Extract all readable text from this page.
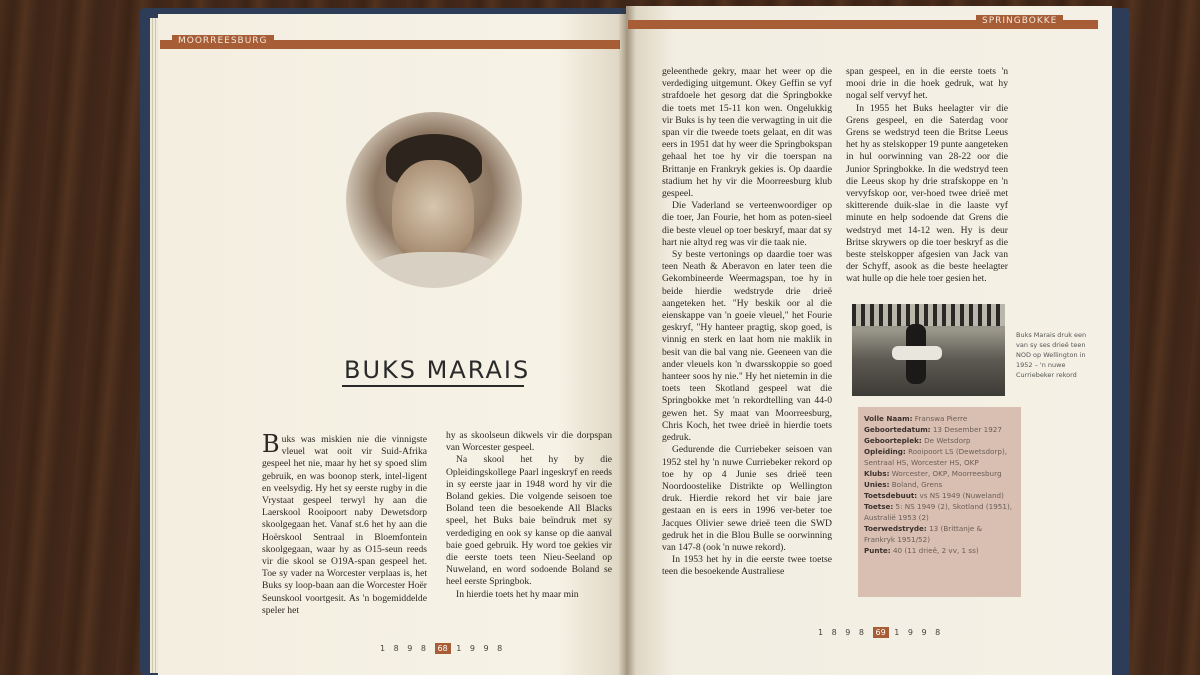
MOORREESBURG
BUKS MARAIS

Buks was miskien nie die vinnigste vleuel wat ooit vir Suid-Afrika gespeel het nie, maar hy het sy spoed slim gebruik, en was boonop sterk, intel-ligent en veelsydig. Hy het sy eerste rugby in die Vrystaat gespeel terwyl hy aan die Laerskool Rooipoort naby Dewetsdorp skoolgegaan het. Vanaf st.6 het hy aan die Hoërskool Sentraal in Bloemfontein skoolgegaan, waar hy as O15-seun reeds vir die skool se O19A-span gespeel het. Toe sy vader na Worcester verplaas is, het Buks sy loop-baan aan die Worcester Hoër Seunskool voortgesit. As 'n bogemiddelde speler het

hy as skoolseun dikwels vir die dorpspan van Worcester gespeel.

Na skool het hy by die Opleidingskollege Paarl ingeskryf en reeds in sy eerste jaar in 1948 word hy vir die Boland gekies. Die volgende seisoen toe Boland teen die besoekende All Blacks speel, het Buks baie beïndruk met sy verdediging en ook sy kanse op die aanval baie goed gebruik. Hy word toe gekies vir die eerste toets teen Nieu-Seeland op Nuweland, en word sodoende Boland se heel eerste Springbok.

In hierdie toets het hy maar min

1 8 9 8 68 1 9 9 8
SPRINGBOKKE

geleenthede gekry, maar het weer op die verdediging uitgemunt. Okey Geffin se vyf strafdoele het gesorg dat die Springbokke die toets met 15-11 kon wen. Ongelukkig vir Buks is hy teen die verwagting in uit die span vir die tweede toets gelaat, en dit was eers in 1951 dat hy weer die Springbokspan gehaal het toe hy vir die toerspan na Brittanje en Frankryk gekies is. Op daardie stadium het hy vir die Moorreesburg klub gespeel.

Die Vaderland se verteenwoordiger op die toer, Jan Fourie, het hom as poten-sieel die beste vleuel op toer beskryf, maar dat sy hart nie altyd reg was vir die taak nie.

Sy beste vertonings op daardie toer was teen Neath & Aberavon en later teen die Gekombineerde Weermagspan, toe hy in beide hierdie wedstryde drie drieë aangeteken het. "Hy beskik oor al die eienskappe van 'n goeie vleuel," het Fourie geskryf, "Hy hanteer pragtig, skop goed, is vinnig en sterk en laat hom nie maklik in besit van die bal vang nie. Geeneen van die ander vleuels kon 'n dwarsskoppie so goed hanteer soos hy nie." Hy het nietemin in die toets teen Skotland gespeel wat die Springbokke met 'n rekordtelling van 44-0 gewen het. Sy maat van Moorreesburg, Chris Koch, het twee drieë in hierdie toets gedruk.

Gedurende die Curriebeker seisoen van 1952 stel hy 'n nuwe Curriebeker rekord op toe hy op 4 Junie ses drieë teen Noordoostelike Distrikte op Wellington druk. Hierdie rekord het vir baie jare gestaan en is eers in 1996 ver-beter toe Jacques Olivier sewe drieë teen die SWD gedruk het in die Blou Bulle se oorwinning van 147-8 (ook 'n nuwe rekord).

In 1953 het hy in die eerste twee toetse teen die besoekende Australiese

span gespeel, en in die eerste toets 'n mooi drie in die hoek gedruk, wat hy nogal self vervyf het.

In 1955 het Buks heelagter vir die Grens gespeel, en die Saterdag voor Grens se wedstryd teen die Britse Leeus het hy as stelskopper 19 punte aangeteken in hul oorwinning van 28-22 oor die Junior Springbokke. In die wedstryd teen die Leeus skop hy drie strafskoppe en 'n vervyfskop oor, ver-hoed twee drieë met skitterende duik-slae in die laaste vyf minute en help sodoende dat Grens die wedstryd met 14-12 wen. Hy is deur Britse skrywers op die toer beskryf as die beste stelskopper afgesien van Jack van der Schyff, asook as die beste heelagter wat hulle op die hele toer gesien het.

Buks Marais druk een van sy ses drieë teen NOD op Wellington in 1952 – 'n nuwe Curriebeker rekord
Volle Naam: Franswa Pierre
Geboortedatum: 13 Desember 1927
Geboorteplek: De Wetsdorp
Opleiding: Rooipoort LS (Dewetsdorp), Sentraal HS, Worcester HS, OKP
Klubs: Worcester, OKP, Moorreesburg
Unies: Boland, Grens
Toetsdebuut: vs NS 1949 (Nuweland)
Toetse: 5: NS 1949 (2), Skotland (1951), Australië 1953 (2)
Toerwedstryde: 13 (Brittanje & Frankryk 1951/52)
Punte: 40 (11 drieë, 2 vv, 1 ss)
1 8 9 8 69 1 9 9 8
